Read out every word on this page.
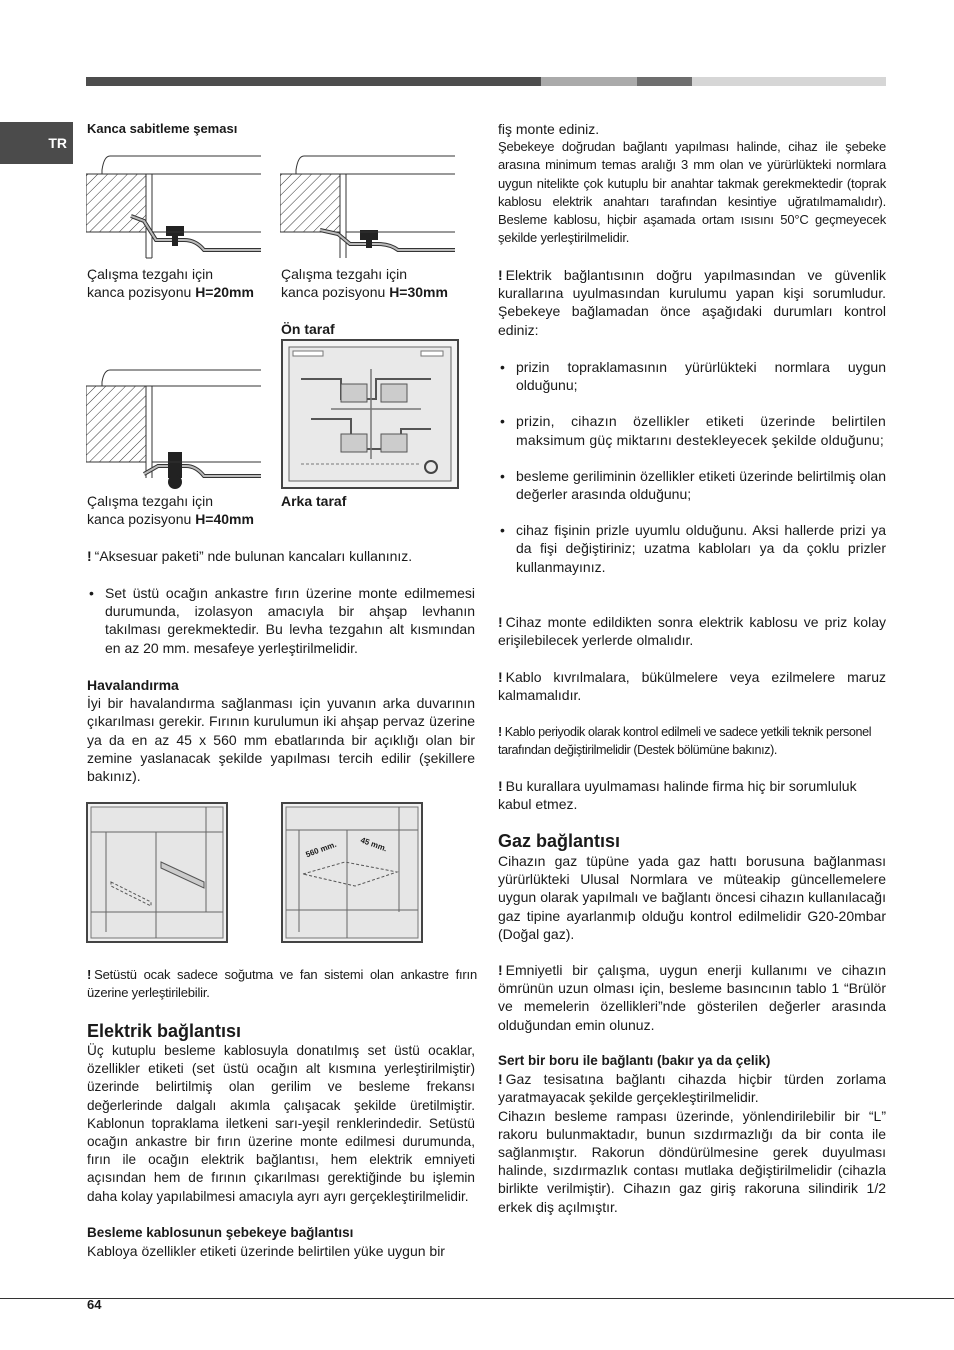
TR
Kanca sabitleme şeması

Çalışma tezgahı için

kanca pozisyonu H=20mm

Çalışma tezgahı için

kanca pozisyonu H=30mm

Ön taraf

Çalışma tezgahı için

kanca pozisyonu H=40mm

Arka taraf

! “Aksesuar paketi” nde bulunan kancaları kullanınız.

• Set üstü ocağın ankastre fırın üzerine monte edilmemesi durumunda, izolasyon amacıyla bir ahşap levhanın takılması gerekmektedir. Bu levha tezgahın alt kısmından en az 20 mm. mesafeye yerleştirilmelidir.

Havalandırma

İyi bir havalandırma sağlanması için yuvanın arka duvarının çıkarılması gerekir. Fırının kurulumun iki ahşap pervaz üzerine ya da en az 45 x 560 mm ebatlarında bir açıklığı olan bir zemine yaslanacak şekilde yapılması tercih edilir (şekillere bakınız).

560 mm.	45 mm.

! Setüstü ocak sadece soğutma ve fan sistemi olan ankastre fırın üzerine yerleştirilebilir.

Elektrik bağlantısı

Üç kutuplu besleme kablosuyla donatılmış set üstü ocaklar, özellikler etiketi (set üstü ocağın alt kısmına yerleştirilmiştir) üzerinde belirtilmiş olan gerilim ve besleme frekansı değerlerinde dalgalı akımla çalışacak şekilde üretilmiştir. Kablonun topraklama iletkeni sarı-yeşil renklerindedir. Setüstü ocağın ankastre bir fırın üzerine monte edilmesi durumunda, fırın ile ocağın elektrik bağlantısı, hem elektrik emniyeti açısından hem de fırının çıkarılması gerektiğinde bu işlemin daha kolay yapılabilmesi amacıyla ayrı ayrı gerçekleştirilmelidir.

Besleme kablosunun şebekeye bağlantısı

Kabloya özellikler etiketi üzerinde belirtilen yüke uygun bir

fiş monte ediniz.

Şebekeye doğrudan bağlantı yapılması halinde, cihaz ile şebeke arasına minimum temas aralığı 3 mm olan ve yürürlükteki normlara uygun nitelikte çok kutuplu bir anahtar takmak gerekmektedir (toprak kablosu elektrik anahtarı tarafından kesintiye uğratılmamalıdır). Besleme kablosu, hiçbir aşamada ortam ısısını 50°C geçmeyecek şekilde yerleştirilmelidir.

! Elektrik bağlantısının doğru yapılmasından ve güvenlik kurallarına uyulmasından kurulumu yapan kişi sorumludur. Şebekeye bağlamadan önce aşağıdaki durumları kontrol ediniz:

• prizin topraklamasının yürürlükteki normlara uygun olduğunu;

• prizin, cihazın özellikler etiketi üzerinde belirtilen maksimum güç miktarını destekleyecek şekilde olduğunu;

• besleme geriliminin özellikler etiketi üzerinde belirtilmiş olan değerler arasında olduğunu;

• cihaz fişinin prizle uyumlu olduğunu. Aksi hallerde prizi ya da fişi değiştiriniz; uzatma kabloları ya da çoklu prizler kullanmayınız.

! Cihaz monte edildikten sonra elektrik kablosu ve priz kolay erişilebilecek yerlerde olmalıdır.

! Kablo kıvrılmalara, bükülmelere veya ezilmelere maruz kalmamalıdır.

! Kablo periyodik olarak kontrol edilmeli ve sadece yetkili teknik personel tarafından değiştirilmelidir (Destek bölümüne bakınız).

! Bu kurallara uyulmaması halinde firma hiç bir sorumluluk kabul etmez.

Gaz bağlantısı

Cihazın gaz tüpüne yada gaz hattı borusuna bağlanması yürürlükteki Ulusal Normlara ve müteakip güncellemelere uygun olarak yapılmalı ve bağlantı öncesi cihazın kullanılacağı gaz tipine ayarlanmıþ olduğu kontrol edilmelidir G20-20mbar (Doğal gaz).

! Emniyetli bir çalışma, uygun enerji kullanımı ve cihazın ömrünün uzun olması için, besleme basıncının tablo 1 “Brülör ve memelerin özellikleri”nde gösterilen değerler arasında olduğundan emin olunuz.

Sert bir boru ile bağlantı (bakır ya da çelik)

! Gaz tesisatına bağlantı cihazda hiçbir türden zorlama yaratmayacak şekilde gerçekleştirilmelidir.

Cihazın besleme rampası üzerinde, yönlendirilebilir bir “L” rakoru bulunmaktadır, bunun sızdırmazlığı da bir conta ile sağlanmıştır. Rakorun döndürülmesine gerek duyulması halinde, sızdırmazlık contası mutlaka değiştirilmelidir (cihazla birlikte verilmiştir). Cihazın gaz giriş rakoruna silindirik 1/2 erkek diş açılmıştır.

64
